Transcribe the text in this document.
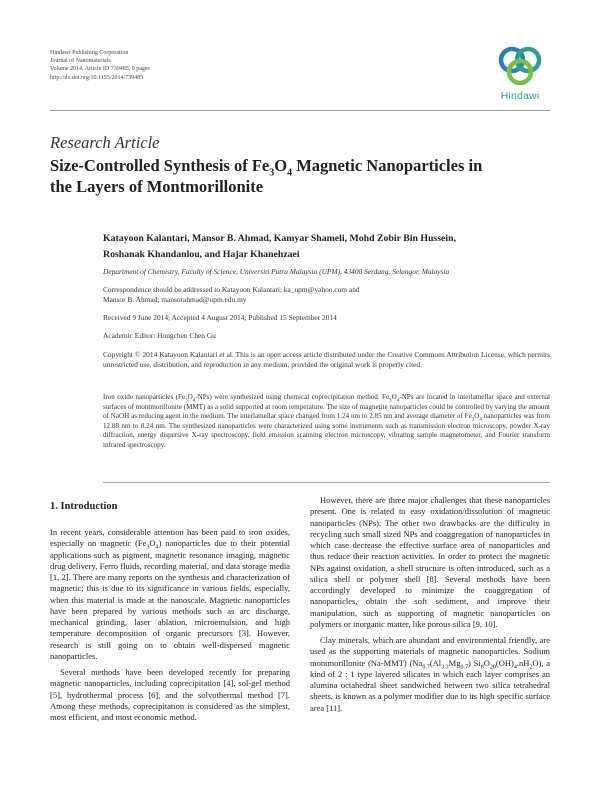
Hindawi Publishing Corporation
Journal of Nanomaterials
Volume 2014, Article ID 739485, 9 pages
http://dx.doi.org/10.1155/2014/739485
Hindawi
Research Article
Size-Controlled Synthesis of $Fe_3O_4$ Magnetic Nanoparticles in
the Layers of Montmorillonite
Katayoon Kalantari, Mansor B. Ahmad, Kamyar Shameli, Mohd Zobir Bin Hussein,
Roshanak Khandanlou, and Hajar Khanehzaei
Department of Chemistry, Faculty of Science, Universiti Putra Malaysia (UPM), 43400 Serdang, Selangor, Malaysia
Correspondence should be addressed to Katayoon Kalantari; ka_upm@yahoo.com and
Mansor B. Ahmad; mansorahmad@upm.edu.my
Received 9 June 2014; Accepted 4 August 2014; Published 15 September 2014
Academic Editor: Hongchen Chen Gu
Copyright © 2014 Katayoon Kalantari et al. This is an open access article distributed under the Creative Commons Attribution License, which permits unrestricted use, distribution, and reproduction in any medium, provided the original work is properly cited.
Iron oxide nanoparticles $(Fe_3O_4-NPs)$ were synthesized using chemical coprecipitation method. $Fe_3O_4$-NPs are located in interlamellar space and external surfaces of montmorillonite (MMT) as a solid supported at room temperature. The size of magnetite nanoparticles could be controlled by varying the amount of NaOH as reducing agent in the medium. The interlamellar space changed from 1.24 nm to 2.85 nm and average diameter of $Fe_3O_4$ nanoparticles was from 12.88 nm to 8.24 nm. The synthesized nanoparticles were characterized using some instruments such as transmission electron microscopy, powder X-ray diffraction, energy dispersive X-ray spectroscopy, field emission scanning electron microscopy, vibrating sample magnetometer, and Fourier transform infrared spectroscopy.

1. Introduction

In recent years, considerable attention has been paid to iron oxides, especially on magnetic $(Fe_3O_4)$ nanoparticles due to their potential applications such as pigment, magnetic resonance imaging, magnetic drug delivery, Ferro fluids, recording material, and data storage media [1, 2]. There are many reports on the synthesis and characterization of magnetic; this is due to its significance in various fields, especially, when this material is made at the nanoscale. Magnetic nanoparticles have been prepared by various methods such as arc discharge, mechanical grinding, laser ablation, microemulsion, and high temperature decomposition of organic precursors [3]. However, research is still going on to obtain well-dispersed magnetic nanoparticles.

Several methods have been developed recently for preparing magnetic nanoparticles, including coprecipitation [4], sol-gel method [5], hydrothermal process [6], and the solvothermal method [7]. Among these methods, coprecipitation is considered as the simplest, most efficient, and most economic method.

However, there are three major challenges that these nanoparticles present. One is related to easy oxidation/dissolution of magnetic nanoparticles (NPs). The other two drawbacks are the difficulty in recycling such small sized NPs and coaggregation of nanoparticles in which case decrease the effective surface area of nanoparticles and thus reduce their reaction activities. In order to protect the magnetic NPs against oxidation, a shell structure is often introduced, such as a silica shell or polymer shell [8]. Several methods have been accordingly developed to minimize the coaggregation of nanoparticles, obtain the soft sediment, and improve their manipulation, such as supporting of magnetic nanoparticles on polymers or inorganic matter, like porous silica [9, 10].

Clay minerals, which are abundant and environmental friendly, are used as the supporting materials of magnetic nanoparticles. Sodium montmorillonite (Na-MMT) ($Na_{0.7}(Al_{3.3}Mg_{0.7})$ $Si_8O_{20}(OH)_4.nH_2O$), a kind of 2 : 1 type layered silicates in which each layer comprises an alumina octahedral sheet sandwiched between two silica tetrahedral sheets, is known as a polymer modifier due to its high specific surface area [11].
